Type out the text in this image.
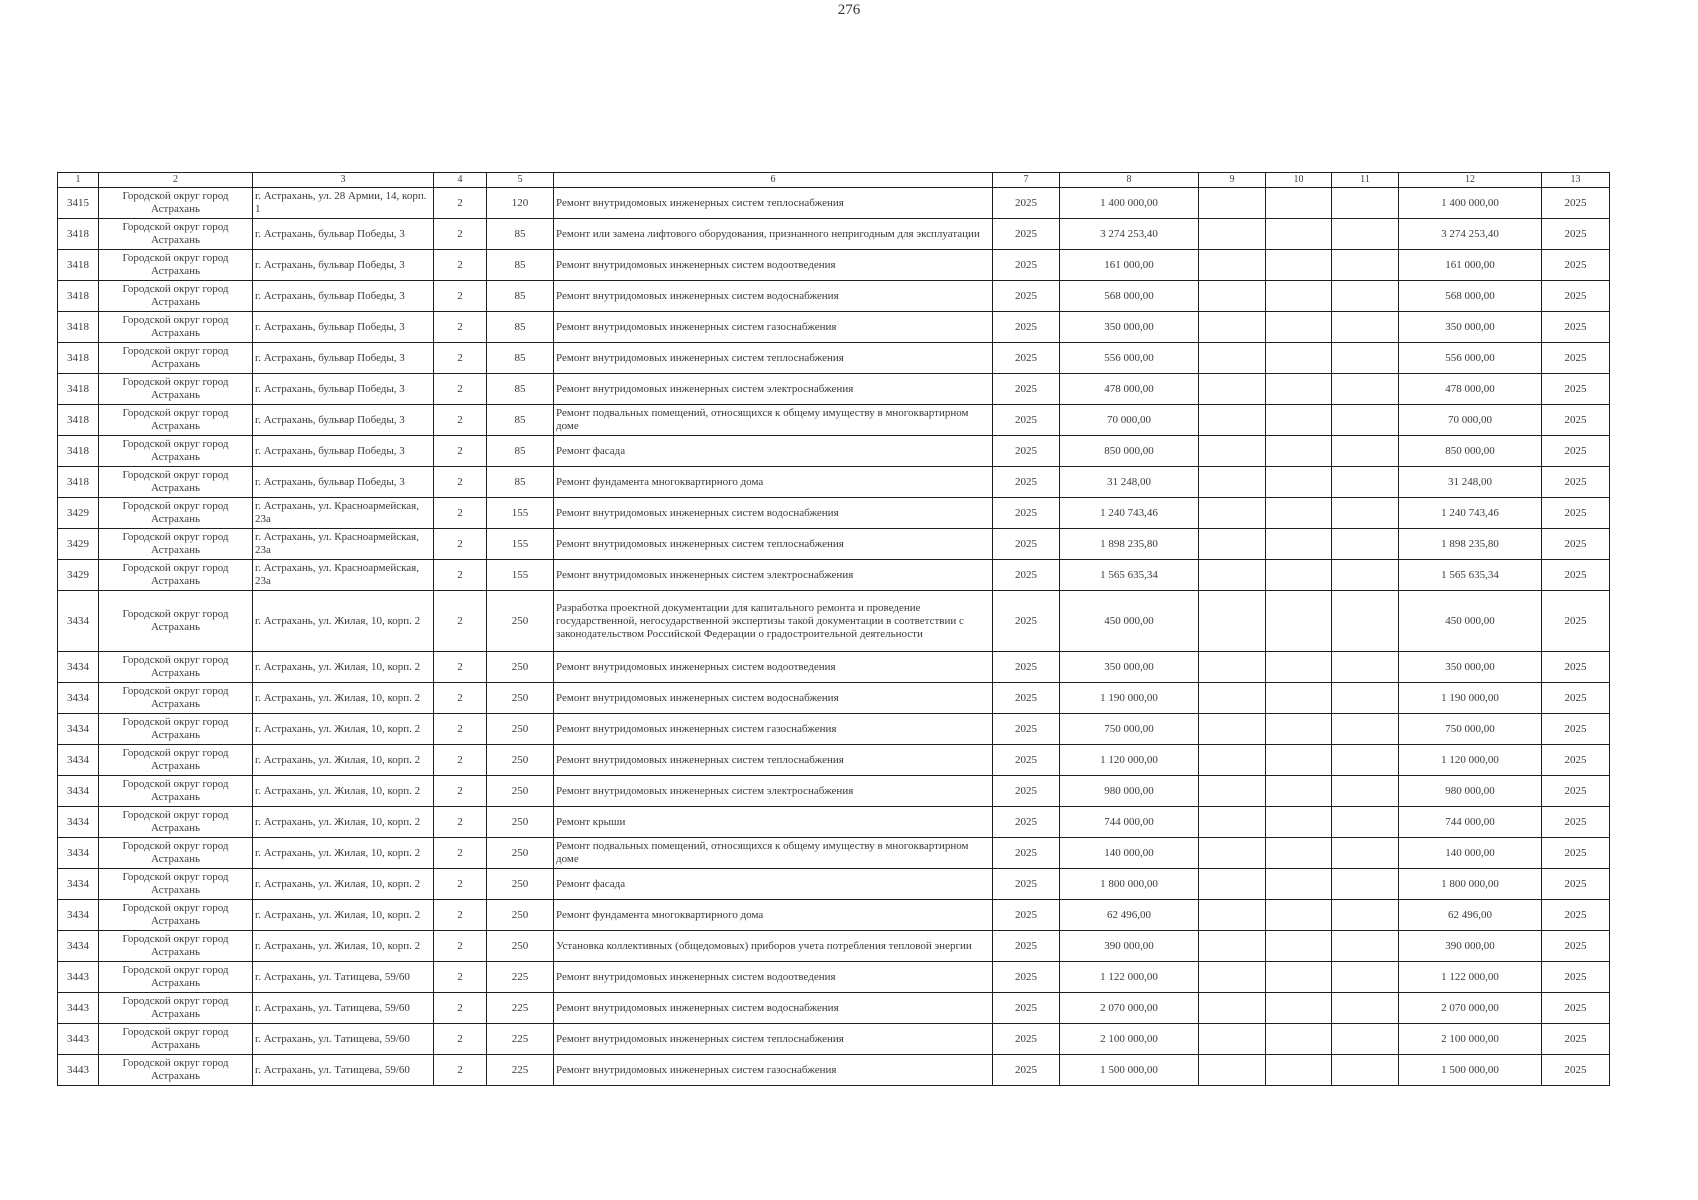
276
1	2	3	4	5	6	7	8	9	10	11	12	13
3415	Городской округ город Астрахань	г. Астрахань, ул. 28 Армии, 14, корп. 1	2	120	Ремонт внутридомовых инженерных систем теплоснабжения	2025	1 400 000,00				1 400 000,00	2025
3418	Городской округ город Астрахань	г. Астрахань, бульвар Победы, 3	2	85	Ремонт или замена лифтового оборудования, признанного непригодным для эксплуатации	2025	3 274 253,40				3 274 253,40	2025
3418	Городской округ город Астрахань	г. Астрахань, бульвар Победы, 3	2	85	Ремонт внутридомовых инженерных систем водоотведения	2025	161 000,00				161 000,00	2025
3418	Городской округ город Астрахань	г. Астрахань, бульвар Победы, 3	2	85	Ремонт внутридомовых инженерных систем водоснабжения	2025	568 000,00				568 000,00	2025
3418	Городской округ город Астрахань	г. Астрахань, бульвар Победы, 3	2	85	Ремонт внутридомовых инженерных систем газоснабжения	2025	350 000,00				350 000,00	2025
3418	Городской округ город Астрахань	г. Астрахань, бульвар Победы, 3	2	85	Ремонт внутридомовых инженерных систем теплоснабжения	2025	556 000,00				556 000,00	2025
3418	Городской округ город Астрахань	г. Астрахань, бульвар Победы, 3	2	85	Ремонт внутридомовых инженерных систем электроснабжения	2025	478 000,00				478 000,00	2025
3418	Городской округ город Астрахань	г. Астрахань, бульвар Победы, 3	2	85	Ремонт подвальных помещений, относящихся к общему имуществу в многоквартирном доме	2025	70 000,00				70 000,00	2025
3418	Городской округ город Астрахань	г. Астрахань, бульвар Победы, 3	2	85	Ремонт фасада	2025	850 000,00				850 000,00	2025
3418	Городской округ город Астрахань	г. Астрахань, бульвар Победы, 3	2	85	Ремонт фундамента многоквартирного дома	2025	31 248,00				31 248,00	2025
3429	Городской округ город Астрахань	г. Астрахань, ул. Красноармейская, 23а	2	155	Ремонт внутридомовых инженерных систем водоснабжения	2025	1 240 743,46				1 240 743,46	2025
3429	Городской округ город Астрахань	г. Астрахань, ул. Красноармейская, 23а	2	155	Ремонт внутридомовых инженерных систем теплоснабжения	2025	1 898 235,80				1 898 235,80	2025
3429	Городской округ город Астрахань	г. Астрахань, ул. Красноармейская, 23а	2	155	Ремонт внутридомовых инженерных систем электроснабжения	2025	1 565 635,34				1 565 635,34	2025
3434	Городской округ город Астрахань	г. Астрахань, ул. Жилая, 10, корп. 2	2	250	Разработка проектной документации для капитального ремонта и проведение государственной, негосударственной экспертизы такой документации в соответствии с законодательством Российской Федерации о градостроительной деятельности	2025	450 000,00				450 000,00	2025
3434	Городской округ город Астрахань	г. Астрахань, ул. Жилая, 10, корп. 2	2	250	Ремонт внутридомовых инженерных систем водоотведения	2025	350 000,00				350 000,00	2025
3434	Городской округ город Астрахань	г. Астрахань, ул. Жилая, 10, корп. 2	2	250	Ремонт внутридомовых инженерных систем водоснабжения	2025	1 190 000,00				1 190 000,00	2025
3434	Городской округ город Астрахань	г. Астрахань, ул. Жилая, 10, корп. 2	2	250	Ремонт внутридомовых инженерных систем газоснабжения	2025	750 000,00				750 000,00	2025
3434	Городской округ город Астрахань	г. Астрахань, ул. Жилая, 10, корп. 2	2	250	Ремонт внутридомовых инженерных систем теплоснабжения	2025	1 120 000,00				1 120 000,00	2025
3434	Городской округ город Астрахань	г. Астрахань, ул. Жилая, 10, корп. 2	2	250	Ремонт внутридомовых инженерных систем электроснабжения	2025	980 000,00				980 000,00	2025
3434	Городской округ город Астрахань	г. Астрахань, ул. Жилая, 10, корп. 2	2	250	Ремонт крыши	2025	744 000,00				744 000,00	2025
3434	Городской округ город Астрахань	г. Астрахань, ул. Жилая, 10, корп. 2	2	250	Ремонт подвальных помещений, относящихся к общему имуществу в многоквартирном доме	2025	140 000,00				140 000,00	2025
3434	Городской округ город Астрахань	г. Астрахань, ул. Жилая, 10, корп. 2	2	250	Ремонт фасада	2025	1 800 000,00				1 800 000,00	2025
3434	Городской округ город Астрахань	г. Астрахань, ул. Жилая, 10, корп. 2	2	250	Ремонт фундамента многоквартирного дома	2025	62 496,00				62 496,00	2025
3434	Городской округ город Астрахань	г. Астрахань, ул. Жилая, 10, корп. 2	2	250	Установка коллективных (общедомовых) приборов учета потребления тепловой энергии	2025	390 000,00				390 000,00	2025
3443	Городской округ город Астрахань	г. Астрахань, ул. Татищева, 59/60	2	225	Ремонт внутридомовых инженерных систем водоотведения	2025	1 122 000,00				1 122 000,00	2025
3443	Городской округ город Астрахань	г. Астрахань, ул. Татищева, 59/60	2	225	Ремонт внутридомовых инженерных систем водоснабжения	2025	2 070 000,00				2 070 000,00	2025
3443	Городской округ город Астрахань	г. Астрахань, ул. Татищева, 59/60	2	225	Ремонт внутридомовых инженерных систем теплоснабжения	2025	2 100 000,00				2 100 000,00	2025
3443	Городской округ город Астрахань	г. Астрахань, ул. Татищева, 59/60	2	225	Ремонт внутридомовых инженерных систем газоснабжения	2025	1 500 000,00				1 500 000,00	2025
